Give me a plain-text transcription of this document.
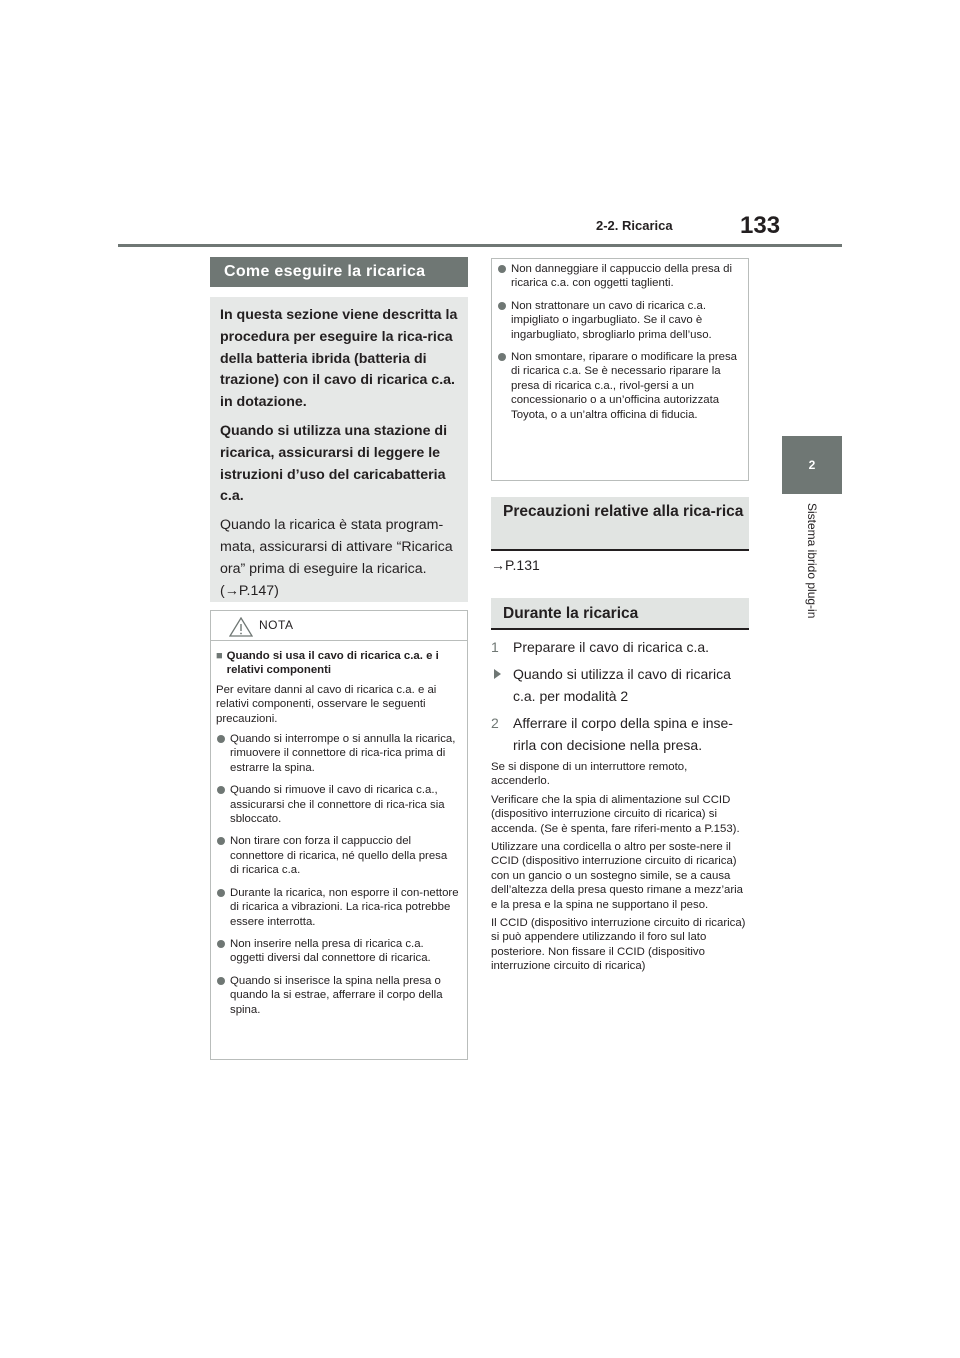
2-2. Ricarica	133
2
Sistema ibrido plug-in
Come eseguire la ricarica

In questa sezione viene descritta la procedura per eseguire la rica-rica della batteria ibrida (batteria di trazione) con il cavo di ricarica c.a. in dotazione.

Quando si utilizza una stazione di ricarica, assicurarsi di leggere le istruzioni d’uso del caricabatteria c.a.

Quando la ricarica è stata program-mata, assicurarsi di attivare “Ricarica ora” prima di eseguire la ricarica. (→P.147)

NOTA
■ Quando si usa il cavo di ricarica c.a. e i relativi componenti

Per evitare danni al cavo di ricarica c.a. e ai relativi componenti, osservare le seguenti precauzioni.

Quando si interrompe o si annulla la ricarica, rimuovere il connettore di rica-rica prima di estrarre la spina.
Quando si rimuove il cavo di ricarica c.a., assicurarsi che il connettore di rica-rica sia sbloccato.
Non tirare con forza il cappuccio del connettore di ricarica, né quello della presa di ricarica c.a.
Durante la ricarica, non esporre il con-nettore di ricarica a vibrazioni. La rica-rica potrebbe essere interrotta.
Non inserire nella presa di ricarica c.a. oggetti diversi dal connettore di ricarica.
Quando si inserisce la spina nella presa o quando la si estrae, afferrare il corpo della spina.
Non danneggiare il cappuccio della presa di ricarica c.a. con oggetti taglienti.
Non strattonare un cavo di ricarica c.a. impigliato o ingarbugliato. Se il cavo è ingarbugliato, sbrogliarlo prima dell’uso.
Non smontare, riparare o modificare la presa di ricarica c.a. Se è necessario riparare la presa di ricarica c.a., rivol-gersi a un concessionario o a un’officina autorizzata Toyota, o a un’altra officina di fiducia.
Precauzioni relative alla rica-rica
→P.131
Durante la ricarica
1	Preparare il cavo di ricarica c.a.
Quando si utilizza il cavo di ricarica c.a. per modalità 2
2	Afferrare il corpo della spina e inse-rirla con decisione nella presa.

Se si dispone di un interruttore remoto, accenderlo.

Verificare che la spia di alimentazione sul CCID (dispositivo interruzione circuito di ricarica) si accenda. (Se è spenta, fare riferi-mento a P.153).

Utilizzare una cordicella o altro per soste-nere il CCID (dispositivo interruzione circuito di ricarica) con un gancio o un sostegno simile, se a causa dell’altezza della presa questo rimane a mezz’aria e la presa e la spina ne supportano il peso.

Il CCID (dispositivo interruzione circuito di ricarica) si può appendere utilizzando il foro sul lato posteriore. Non fissare il CCID (dispositivo interruzione circuito di ricarica)
